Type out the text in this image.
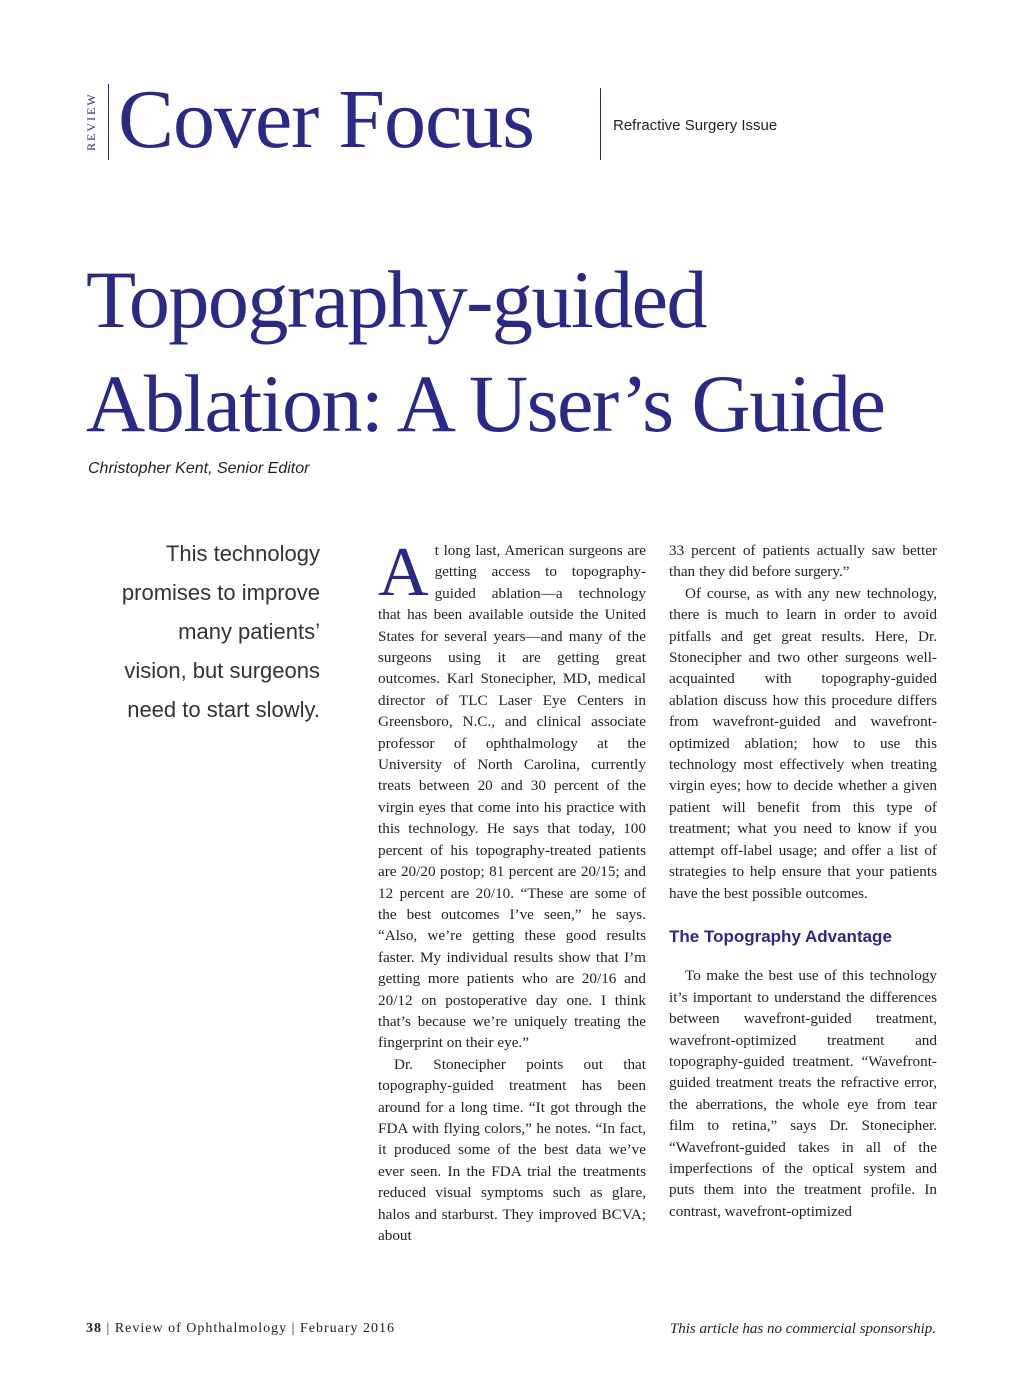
REVIEW Cover Focus	Refractive Surgery Issue
Topography-guided
Ablation: A User’s Guide
Christopher Kent, Senior Editor
This technology promises to improve many patients’ vision, but surgeons need to start slowly.

At long last, American surgeons are getting access to topography-guided ablation—a technology that has been available outside the United States for several years—and many of the surgeons using it are getting great outcomes. Karl Stonecipher, MD, medical director of TLC Laser Eye Centers in Greensboro, N.C., and clinical associate professor of ophthalmology at the University of North Carolina, currently treats between 20 and 30 percent of the virgin eyes that come into his practice with this technology. He says that today, 100 percent of his topography-treated patients are 20/20 postop; 81 percent are 20/15; and 12 percent are 20/10. “These are some of the best outcomes I’ve seen,” he says. “Also, we’re getting these good results faster. My individual results show that I’m getting more patients who are 20/16 and 20/12 on postoperative day one. I think that’s because we’re uniquely treating the fingerprint on their eye.”

Dr. Stonecipher points out that topography-guided treatment has been around for a long time. “It got through the FDA with flying colors,” he notes. “In fact, it produced some of the best data we’ve ever seen. In the FDA trial the treatments reduced visual symptoms such as glare, halos and starburst. They improved BCVA; about

33 percent of patients actually saw better than they did before surgery.”

Of course, as with any new technology, there is much to learn in order to avoid pitfalls and get great results. Here, Dr. Stonecipher and two other surgeons well-acquainted with topography-guided ablation discuss how this procedure differs from wavefront-guided and wavefront-optimized ablation; how to use this technology most effectively when treating virgin eyes; how to decide whether a given patient will benefit from this type of treatment; what you need to know if you attempt off-label usage; and offer a list of strategies to help ensure that your patients have the best possible outcomes.

The Topography Advantage

To make the best use of this technology it’s important to understand the differences between wavefront-guided treatment, wavefront-optimized treatment and topography-guided treatment. “Wavefront-guided treatment treats the refractive error, the aberrations, the whole eye from tear film to retina,” says Dr. Stonecipher. “Wavefront-guided takes in all of the imperfections of the optical system and puts them into the treatment profile. In contrast, wavefront-optimized

38 | Review of Ophthalmology | February 2016	This article has no commercial sponsorship.
